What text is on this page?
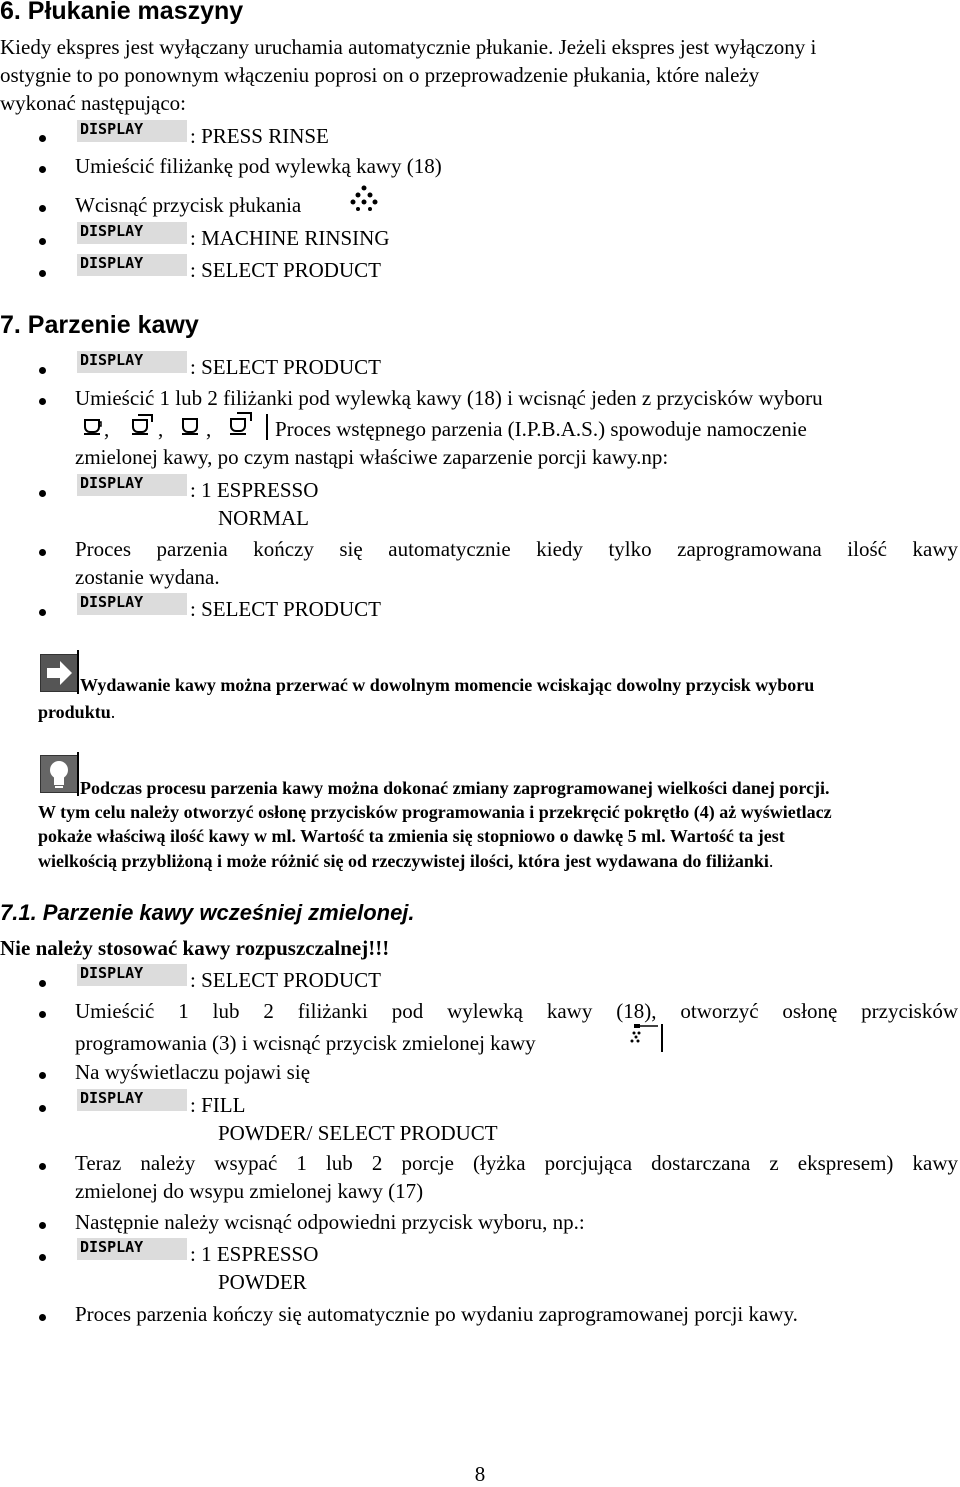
6. Płukanie maszyny
Kiedy ekspres jest wyłączany uruchamia automatycznie płukanie. Jeżeli ekspres jest wyłączony i
ostygnie to po ponownym włączeniu poprosi on o przeprowadzenie płukania, które należy
wykonać następująco:
DISPLAY : PRESS RINSE
Umieścić filiżankę pod wylewką kawy (18)
Wcisnąć przycisk płukania
DISPLAY : MACHINE RINSING
DISPLAY : SELECT PRODUCT
7. Parzenie kawy
DISPLAY : SELECT PRODUCT
Umieścić 1 lub 2 filiżanki pod wylewką kawy (18) i wcisnąć jeden z przycisków wyboru
, , ,	Proces wstępnego parzenia (I.P.B.A.S.) spowoduje namoczenie
zmielonej kawy, po czym nastąpi właściwe zaparzenie porcji kawy.np:
DISPLAY : 1 ESPRESSO
NORMAL
Proces parzenia kończy się automatycznie kiedy tylko zaprogramowana ilość kawy
zostanie wydana.
DISPLAY : SELECT PRODUCT
Wydawanie kawy można przerwać w dowolnym momencie wciskając dowolny przycisk wyboru
produktu.
Podczas procesu parzenia kawy można dokonać zmiany zaprogramowanej wielkości danej porcji.
W tym celu należy otworzyć osłonę przycisków programowania i przekręcić pokrętło (4) aż wyświetlacz
pokaże właściwą ilość kawy w ml. Wartość ta zmienia się stopniowo o dawkę 5 ml. Wartość ta jest
wielkością przybliżoną i może różnić się od rzeczywistej ilości, która jest wydawana do filiżanki.
7.1. Parzenie kawy wcześniej zmielonej.
Nie należy stosować kawy rozpuszczalnej!!!
DISPLAY : SELECT PRODUCT
Umieścić 1 lub 2 filiżanki pod wylewką kawy (18), otworzyć osłonę przycisków
programowania (3) i wcisnąć przycisk zmielonej kawy
Na wyświetlaczu pojawi się
DISPLAY : FILL
POWDER/ SELECT PRODUCT
Teraz należy wsypać 1 lub 2 porcje (łyżka porcjująca dostarczana z ekspresem) kawy
zmielonej do wsypu zmielonej kawy (17)
Następnie należy wcisnąć odpowiedni przycisk wyboru, np.:
DISPLAY : 1 ESPRESSO
POWDER
Proces parzenia kończy się automatycznie po wydaniu zaprogramowanej porcji kawy.
8
